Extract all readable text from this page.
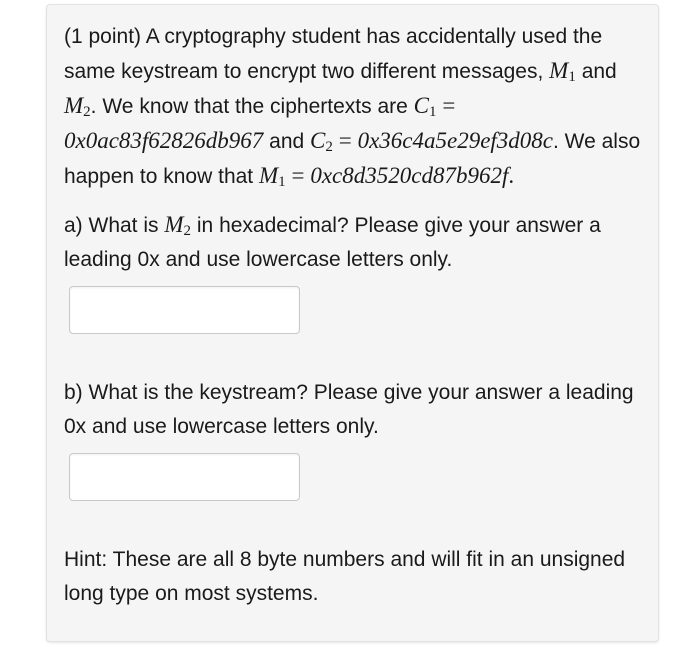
(1 point) A cryptography student has accidentally used the same keystream to encrypt two different messages, $M_1$ and $M_2$. We know that the ciphertexts are $C_1 = 0x0ac83f62826db967$ and $C_2 = 0x36c4a5e29ef3d08c$. We also happen to know that $M_1 = 0xc8d3520cd87b962f$.

a) What is $M_2$ in hexadecimal? Please give your answer a leading 0x and use lowercase letters only.

b) What is the keystream? Please give your answer a leading 0x and use lowercase letters only.

Hint: These are all 8 byte numbers and will fit in an unsigned long type on most systems.
